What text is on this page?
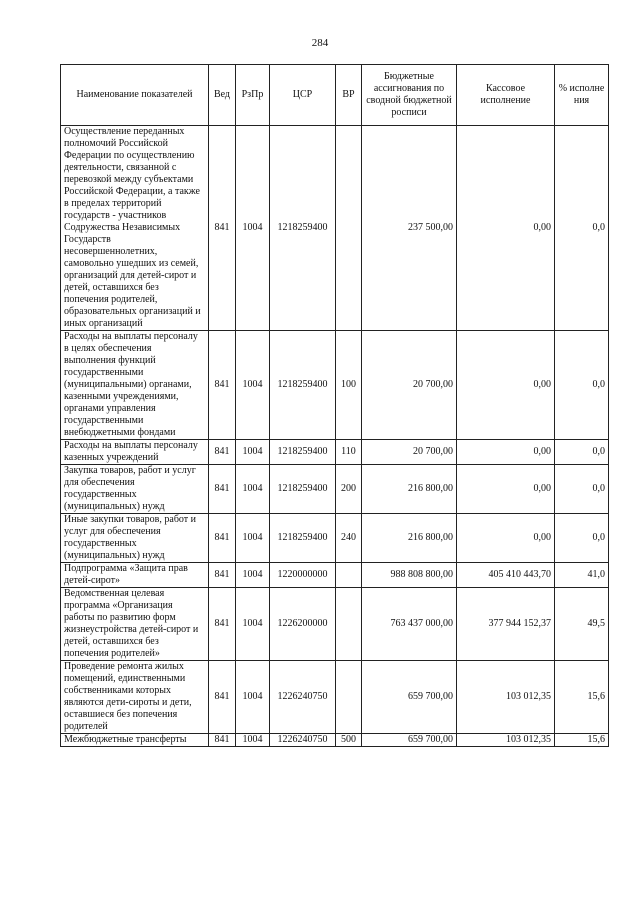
284
Наименование показателей	Вед	РзПр	ЦСР	ВР	Бюджетные ассигнования по сводной бюджетной росписи	Кассовое исполнение	% исполне ния
Осуществление переданных полномочий Российской Федерации по осуществлению деятельности, связанной с перевозкой между субъектами Российской Федерации, а также в пределах территорий государств - участников Содружества Независимых Государств несовершеннолетних, самовольно ушедших из семей, организаций для детей-сирот и детей, оставшихся без попечения родителей, образовательных организаций и иных организаций	841	1004	1218259400		237 500,00	0,00	0,0
Расходы на выплаты персоналу в целях обеспечения выполнения функций государственными (муниципальными) органами, казенными учреждениями, органами управления государственными внебюджетными фондами	841	1004	1218259400	100	20 700,00	0,00	0,0
Расходы на выплаты персоналу казенных учреждений	841	1004	1218259400	110	20 700,00	0,00	0,0
Закупка товаров, работ и услуг для обеспечения государственных (муниципальных) нужд	841	1004	1218259400	200	216 800,00	0,00	0,0
Иные закупки товаров, работ и услуг для обеспечения государственных (муниципальных) нужд	841	1004	1218259400	240	216 800,00	0,00	0,0
Подпрограмма «Защита прав детей-сирот»	841	1004	1220000000		988 808 800,00	405 410 443,70	41,0
Ведомственная целевая программа «Организация работы по развитию форм жизнеустройства детей-сирот и детей, оставшихся без попечения родителей»	841	1004	1226200000		763 437 000,00	377 944 152,37	49,5
Проведение ремонта жилых помещений, единственными собственниками которых являются дети-сироты и дети, оставшиеся без попечения родителей	841	1004	1226240750		659 700,00	103 012,35	15,6
Межбюджетные трансферты	841	1004	1226240750	500	659 700,00	103 012,35	15,6
